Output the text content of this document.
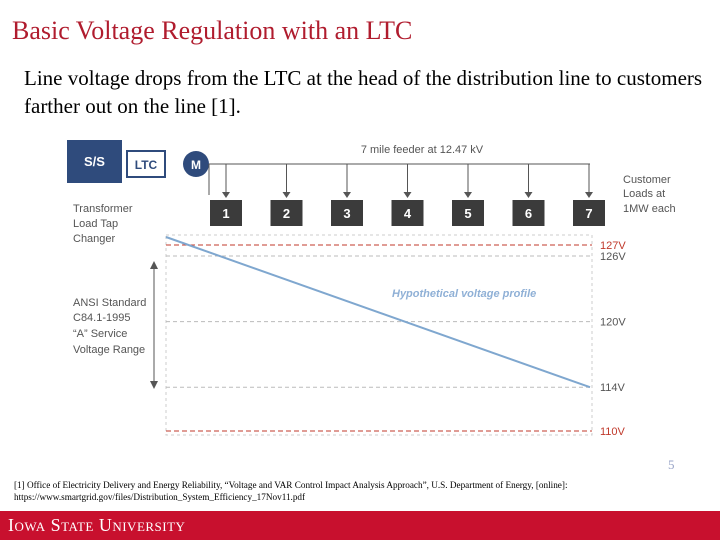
Basic Voltage Regulation with an LTC
Line voltage drops from the LTC at the head of the distribution line to customers farther out on the line [1].
S/S LTC	M
7 mile feeder at 12.47 kV
1	2	3	4	5	6	7
Customer Loads at 1MW each
Transformer Load Tap Changer
127V
126V
120V
114V
110V
ANSI Standard C84.1-1995 “A” Service Voltage Range
Hypothetical voltage profile
5
[1] Office of Electricity Delivery and Energy Reliability, “Voltage and VAR Control Impact Analysis Approach”, U.S. Department of Energy, [online]: https://www.smartgrid.gov/files/Distribution_System_Efficiency_17Nov11.pdf
Iowa State University
